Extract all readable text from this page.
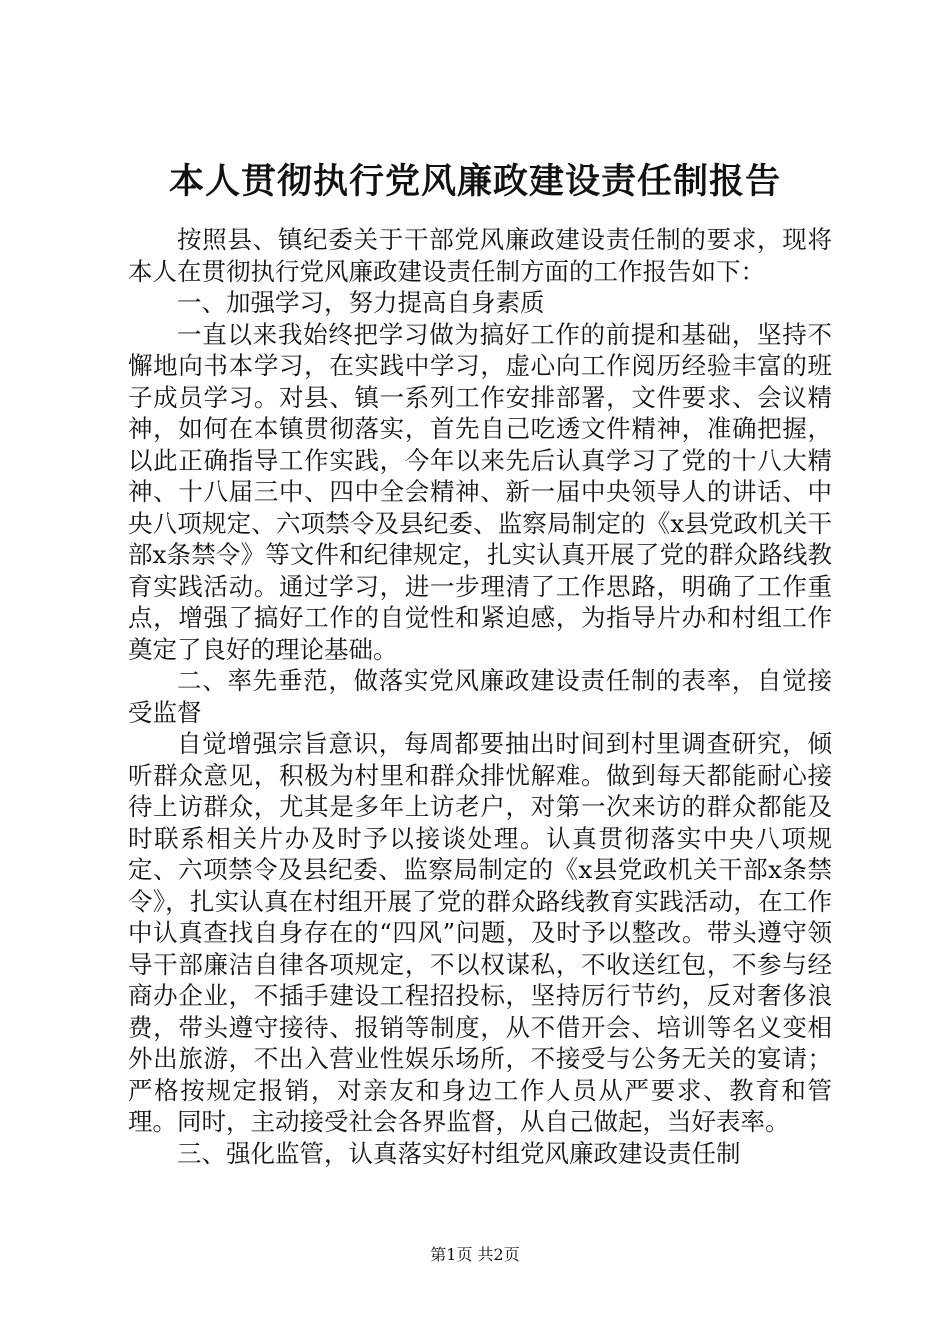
本人贯彻执行党风廉政建设责任制报告

按照县、镇纪委关于干部党风廉政建设责任制的要求，现将本人在贯彻执行党风廉政建设责任制方面的工作报告如下：

一、加强学习，努力提高自身素质

一直以来我始终把学习做为搞好工作的前提和基础，坚持不懈地向书本学习，在实践中学习，虚心向工作阅历经验丰富的班子成员学习。对县、镇一系列工作安排部署，文件要求、会议精神，如何在本镇贯彻落实，首先自己吃透文件精神，准确把握，以此正确指导工作实践，今年以来先后认真学习了党的十八大精神、十八届三中、四中全会精神、新一届中央领导人的讲话、中央八项规定、六项禁令及县纪委、监察局制定的《x县党政机关干部x条禁令》等文件和纪律规定，扎实认真开展了党的群众路线教育实践活动。通过学习，进一步理清了工作思路，明确了工作重点，增强了搞好工作的自觉性和紧迫感，为指导片办和村组工作奠定了良好的理论基础。

二、率先垂范，做落实党风廉政建设责任制的表率，自觉接受监督

自觉增强宗旨意识，每周都要抽出时间到村里调查研究，倾听群众意见，积极为村里和群众排忧解难。做到每天都能耐心接待上访群众，尤其是多年上访老户，对第一次来访的群众都能及时联系相关片办及时予以接谈处理。认真贯彻落实中央八项规定、六项禁令及县纪委、监察局制定的《x县党政机关干部x条禁令》，扎实认真在村组开展了党的群众路线教育实践活动，在工作中认真查找自身存在的“四风”问题，及时予以整改。带头遵守领导干部廉洁自律各项规定，不以权谋私，不收送红包，不参与经商办企业，不插手建设工程招投标，坚持厉行节约，反对奢侈浪费，带头遵守接待、报销等制度，从不借开会、培训等名义变相外出旅游，不出入营业性娱乐场所，不接受与公务无关的宴请；严格按规定报销，对亲友和身边工作人员从严要求、教育和管理。同时，主动接受社会各界监督，从自己做起，当好表率。

三、强化监管，认真落实好村组党风廉政建设责任制

第1页 共2页
